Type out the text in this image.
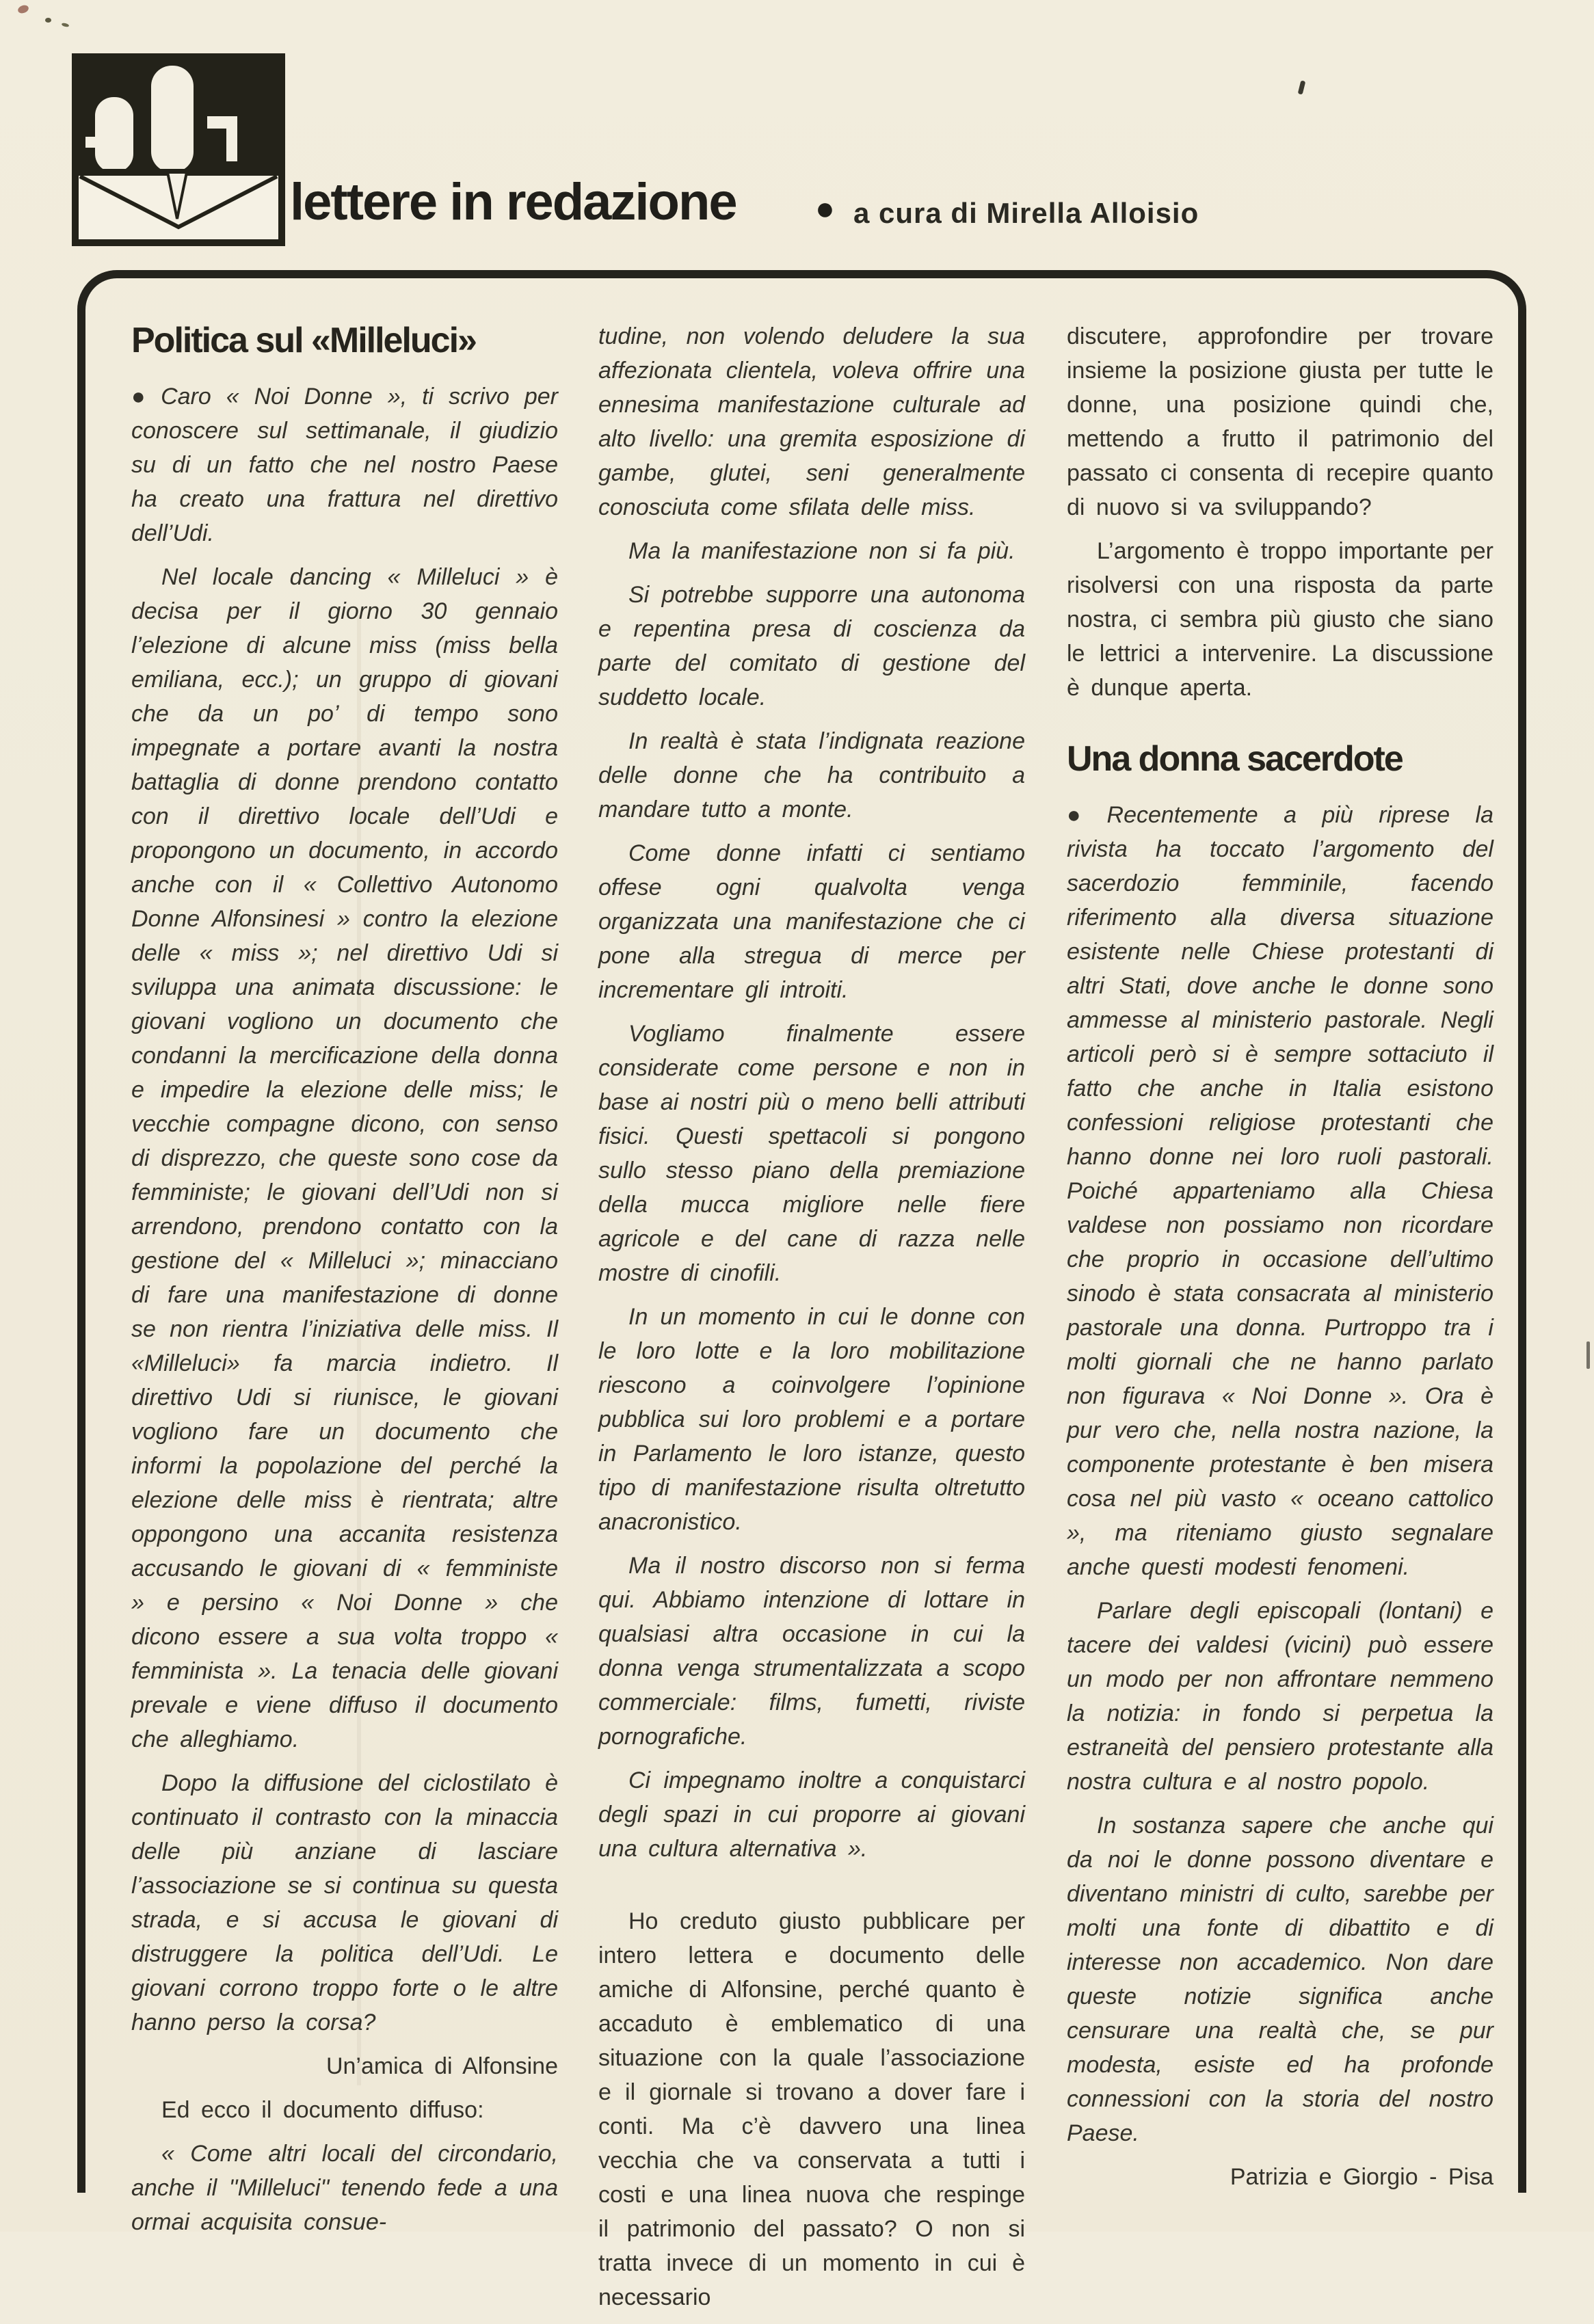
lettere in redazione ● a cura di Mirella Alloisio
Politica sul «Milleluci»

● Caro « Noi Donne », ti scrivo per conoscere sul settimanale, il giudizio su di un fatto che nel nostro Paese ha creato una frattura nel direttivo dell’Udi.

Nel locale dancing « Milleluci » è decisa per il giorno 30 gennaio l’elezione di alcune miss (miss bella emiliana, ecc.); un gruppo di giovani che da un po’ di tempo sono impegnate a portare avanti la nostra battaglia di donne prendono contatto con il direttivo locale dell’Udi e propongono un documento, in accordo anche con il « Collettivo Autonomo Donne Alfonsinesi » contro la elezione delle « miss »; nel direttivo Udi si sviluppa una animata discussione: le giovani vogliono un documento che condanni la mercificazione della donna e impedire la elezione delle miss; le vecchie compagne dicono, con senso di disprezzo, che queste sono cose da femministe; le giovani dell’Udi non si arrendono, prendono contatto con la gestione del « Milleluci »; minacciano di fare una manifestazione di donne se non rientra l’iniziativa delle miss. Il «Milleluci» fa marcia indietro. Il direttivo Udi si riunisce, le giovani vogliono fare un documento che informi la popolazione del perché la elezione delle miss è rientrata; altre oppongono una accanita resistenza accusando le giovani di « femministe » e persino « Noi Donne » che dicono essere a sua volta troppo « femminista ». La tenacia delle giovani prevale e viene diffuso il documento che alleghiamo.

Dopo la diffusione del ciclostilato è continuato il contrasto con la minaccia delle più anziane di lasciare l’associazione se si continua su questa strada, e si accusa le giovani di distruggere la politica dell’Udi. Le giovani corrono troppo forte o le altre hanno perso la corsa?

Un’amica di Alfonsine

Ed ecco il documento diffuso:

« Come altri locali del circondario, anche il ''Milleluci'' tenendo fede a una ormai acquisita consue-

tudine, non volendo deludere la sua affezionata clientela, voleva offrire una ennesima manifestazione culturale ad alto livello: una gremita esposizione di gambe, glutei, seni generalmente conosciuta come sfilata delle miss.

Ma la manifestazione non si fa più.

Si potrebbe supporre una autonoma e repentina presa di coscienza da parte del comitato di gestione del suddetto locale.

In realtà è stata l’indignata reazione delle donne che ha contribuito a mandare tutto a monte.

Come donne infatti ci sentiamo offese ogni qualvolta venga organizzata una manifestazione che ci pone alla stregua di merce per incrementare gli introiti.

Vogliamo finalmente essere considerate come persone e non in base ai nostri più o meno belli attributi fisici. Questi spettacoli si pongono sullo stesso piano della premiazione della mucca migliore nelle fiere agricole e del cane di razza nelle mostre di cinofili.

In un momento in cui le donne con le loro lotte e la loro mobilitazione riescono a coinvolgere l’opinione pubblica sui loro problemi e a portare in Parlamento le loro istanze, questo tipo di manifestazione risulta oltretutto anacronistico.

Ma il nostro discorso non si ferma qui. Abbiamo intenzione di lottare in qualsiasi altra occasione in cui la donna venga strumentalizzata a scopo commerciale: films, fumetti, riviste pornografiche.

Ci impegnamo inoltre a conquistarci degli spazi in cui proporre ai giovani una cultura alternativa ».

Ho creduto giusto pubblicare per intero lettera e documento delle amiche di Alfonsine, perché quanto è accaduto è emblematico di una situazione con la quale l’associazione e il giornale si trovano a dover fare i conti. Ma c’è davvero una linea vecchia che va conservata a tutti i costi e una linea nuova che respinge il patrimonio del passato? O non si tratta invece di un momento in cui è necessario

discutere, approfondire per trovare insieme la posizione giusta per tutte le donne, una posizione quindi che, mettendo a frutto il patrimonio del passato ci consenta di recepire quanto di nuovo si va sviluppando?

L’argomento è troppo importante per risolversi con una risposta da parte nostra, ci sembra più giusto che siano le lettrici a intervenire. La discussione è dunque aperta.

Una donna sacerdote

● Recentemente a più riprese la rivista ha toccato l’argomento del sacerdozio femminile, facendo riferimento alla diversa situazione esistente nelle Chiese protestanti di altri Stati, dove anche le donne sono ammesse al ministerio pastorale. Negli articoli però si è sempre sottaciuto il fatto che anche in Italia esistono confessioni religiose protestanti che hanno donne nei loro ruoli pastorali. Poiché apparteniamo alla Chiesa valdese non possiamo non ricordare che proprio in occasione dell’ultimo sinodo è stata consacrata al ministerio pastorale una donna. Purtroppo tra i molti giornali che ne hanno parlato non figurava « Noi Donne ». Ora è pur vero che, nella nostra nazione, la componente protestante è ben misera cosa nel più vasto « oceano cattolico », ma riteniamo giusto segnalare anche questi modesti fenomeni.

Parlare degli episcopali (lontani) e tacere dei valdesi (vicini) può essere un modo per non affrontare nemmeno la notizia: in fondo si perpetua la estraneità del pensiero protestante alla nostra cultura e al nostro popolo.

In sostanza sapere che anche qui da noi le donne possono diventare e diventano ministri di culto, sarebbe per molti una fonte di dibattito e di interesse non accademico. Non dare queste notizie significa anche censurare una realtà che, se pur modesta, esiste ed ha profonde connessioni con la storia del nostro Paese.

Patrizia e Giorgio - Pisa
